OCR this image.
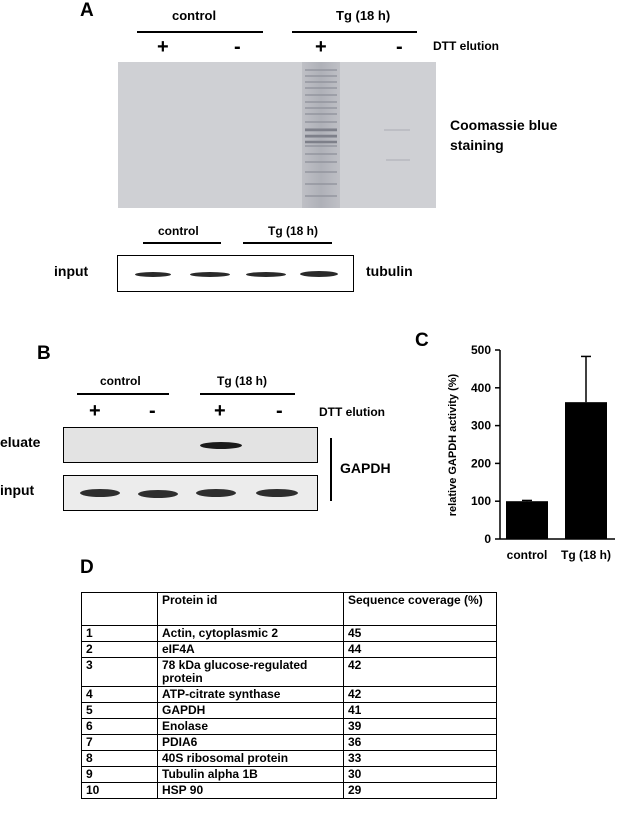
A	control	Tg (18 h)
+	-	+	-	DTT elution
Coomassie blue
staining
control	Tg (18 h)
input	tubulin
B
control	Tg (18 h)
+ -	+	-	DTT elution
eluate
input
GAPDH
C
0
100
200
300
400
500
control Tg (18 h)
relative GAPDH activity (%)
D
	Protein id	Sequence coverage (%)
1	Actin, cytoplasmic 2	45
2	eIF4A	44
3	78 kDa glucose-regulated protein	42
4	ATP-citrate synthase	42
5	GAPDH	41
6	Enolase	39
7	PDIA6	36
8	40S ribosomal protein	33
9	Tubulin alpha 1B	30
10	HSP 90	29
